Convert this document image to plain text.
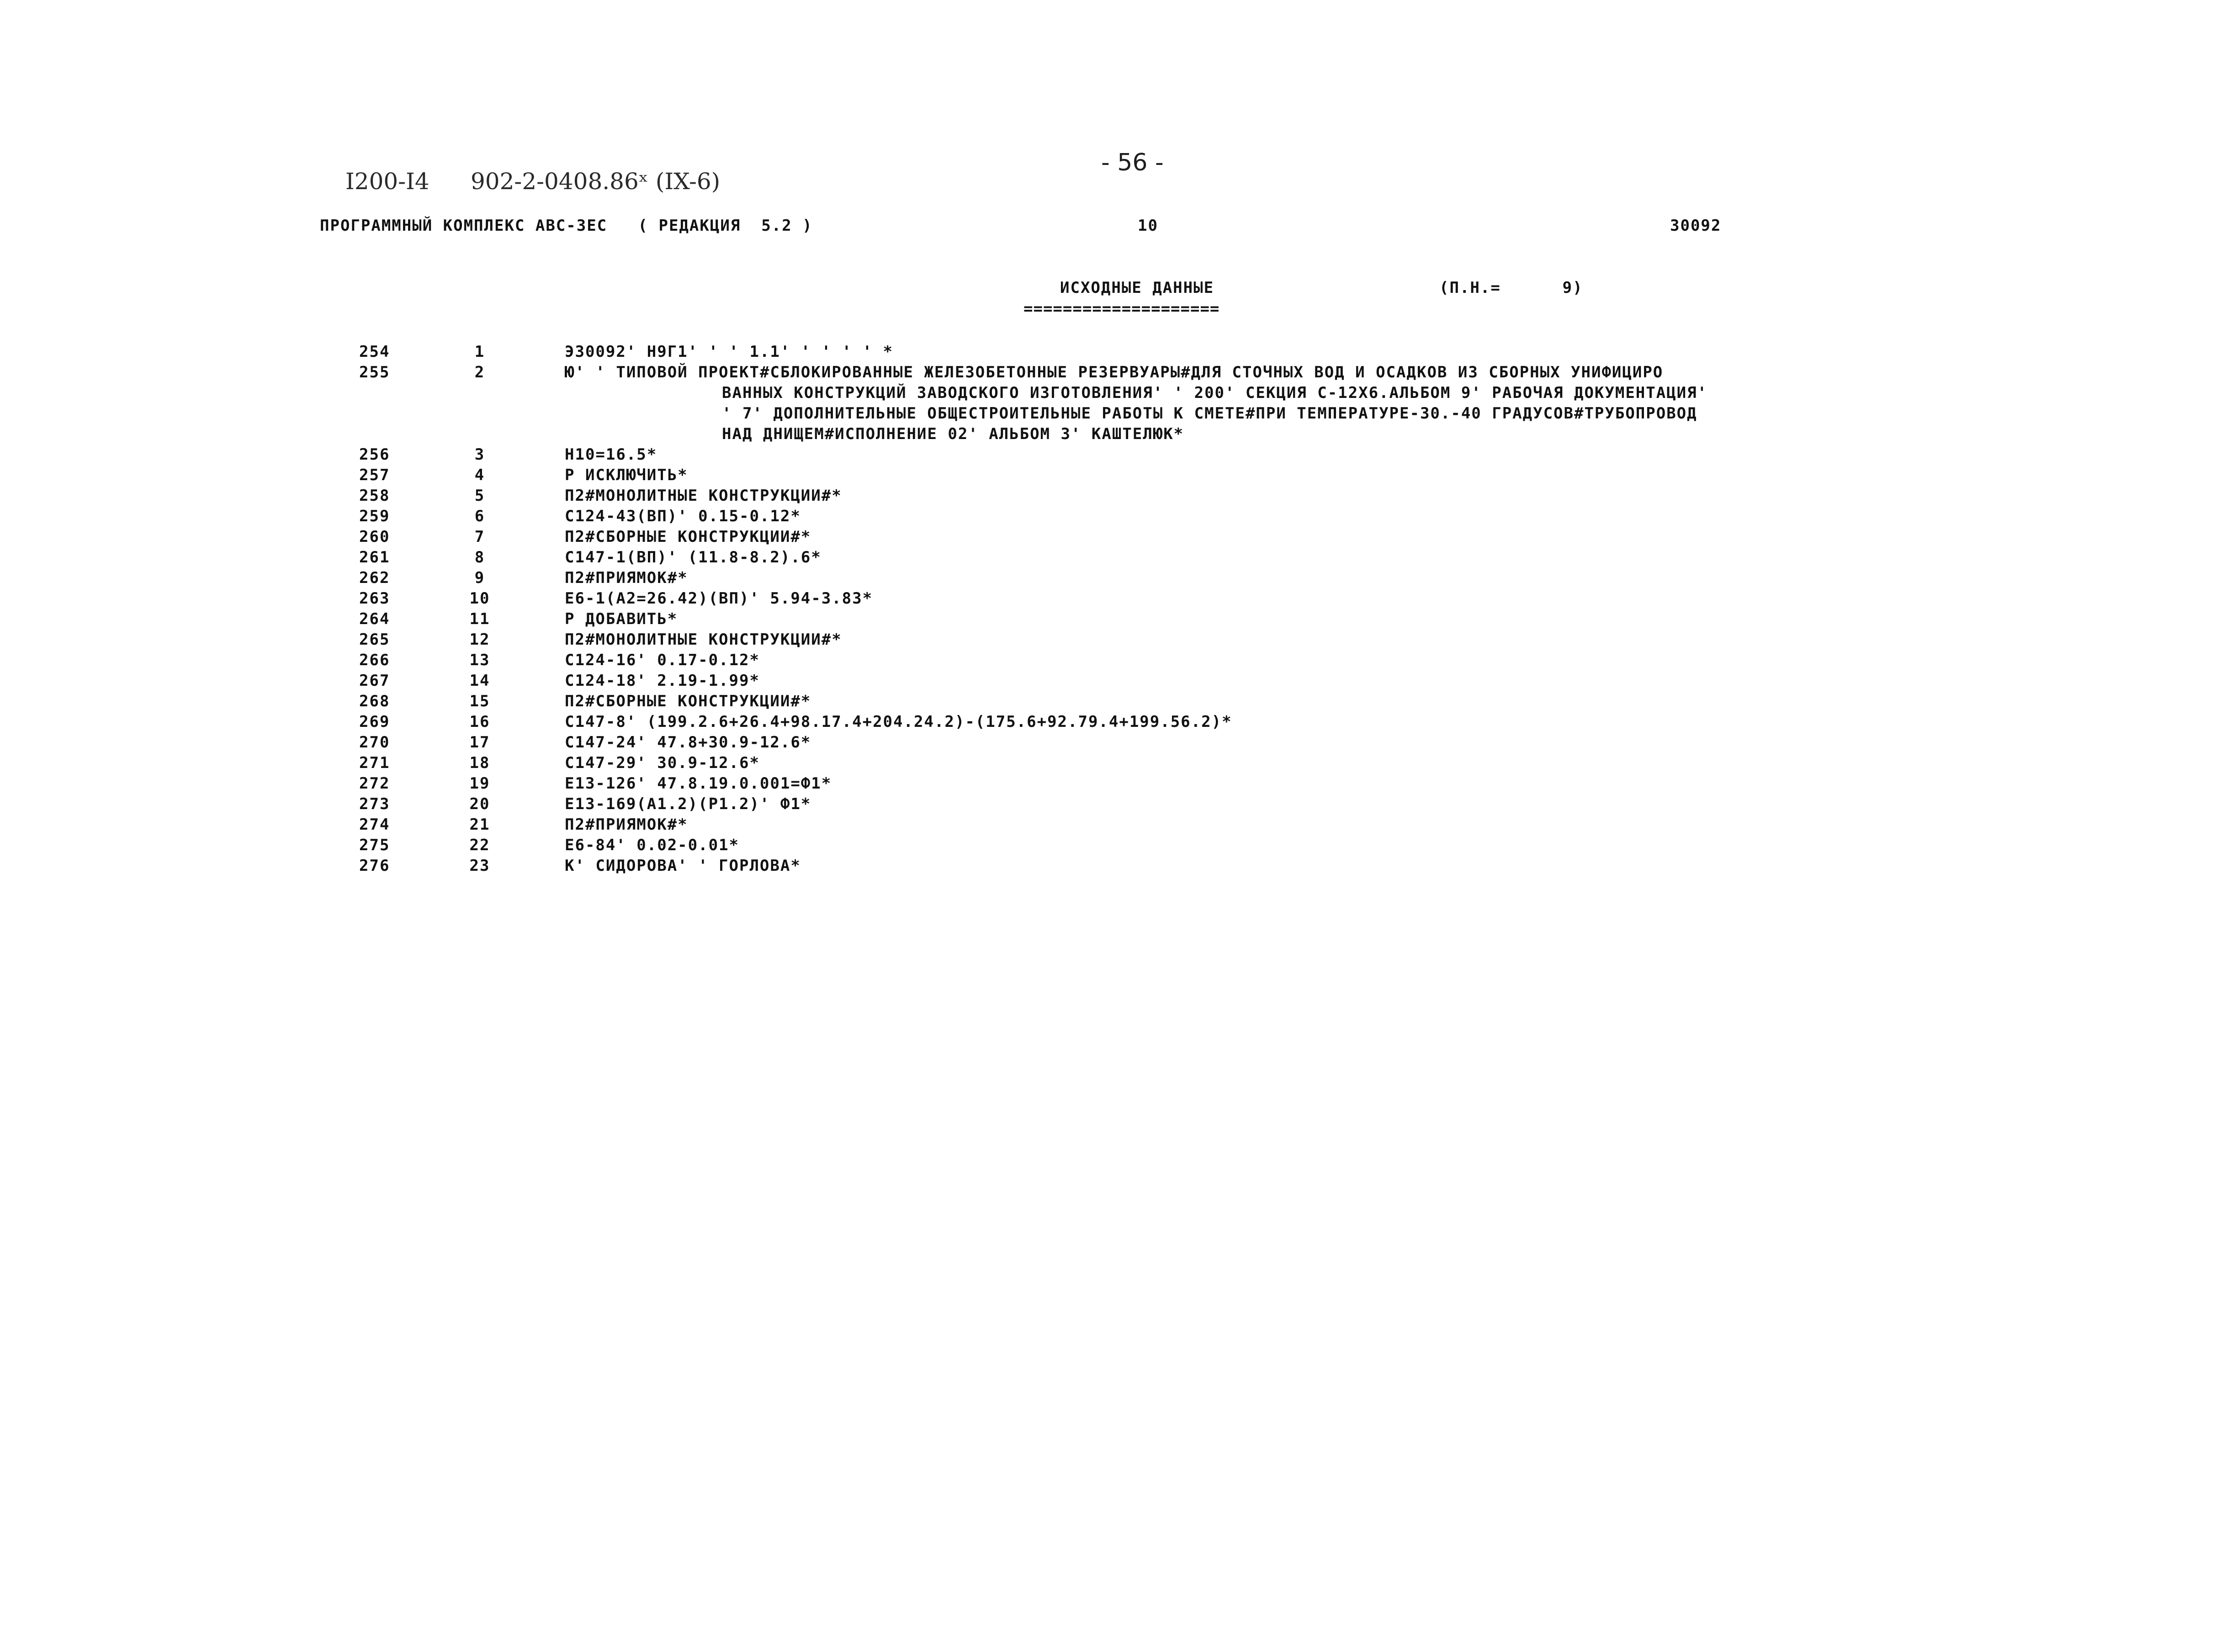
I200-I4 902-2-0408.86ˣ (IX-6)
- 56 -
ПРОГРАММНЫЙ КОМПЛЕКС АВС-3ЕС   ( РЕДАКЦИЯ  5.2 )	10	30092
ИСХОДНЫЕ ДАННЫЕ
====================
(П.Н.=      9)
254	1	Э30092' Н9Г1' ' ' 1.1' ' ' ' ' *
255	2	Ю' ' ТИПОВОЙ ПРОЕКТ#СБЛОКИРОВАННЫЕ ЖЕЛЕЗОБЕТОННЫЕ РЕЗЕРВУАРЫ#ДЛЯ СТОЧНЫХ ВОД И ОСАДКОВ ИЗ СБОРНЫХ УНИФИЦИРО
ВАННЫХ КОНСТРУКЦИЙ ЗАВОДСКОГО ИЗГОТОВЛЕНИЯ' ' 200' СЕКЦИЯ С-12Х6.АЛЬБОМ 9' РАБОЧАЯ ДОКУМЕНТАЦИЯ'
' 7' ДОПОЛНИТЕЛЬНЫЕ ОБЩЕСТРОИТЕЛЬНЫЕ РАБОТЫ К СМЕТЕ#ПРИ ТЕМПЕРАТУРЕ-30.-40 ГРАДУСОВ#ТРУБОПРОВОД
НАД ДНИЩЕМ#ИСПОЛНЕНИЕ 02' АЛЬБОМ 3' КАШТЕЛЮК*
256	3	Н10=16.5*
257	4	Р ИСКЛЮЧИТЬ*
258	5	П2#МОНОЛИТНЫЕ КОНСТРУКЦИИ#*
259	6	С124-43(ВП)' 0.15-0.12*
260	7	П2#СБОРНЫЕ КОНСТРУКЦИИ#*
261	8	С147-1(ВП)' (11.8-8.2).6*
262	9	П2#ПРИЯМОК#*
263	10	Е6-1(А2=26.42)(ВП)' 5.94-3.83*
264	11	Р ДОБАВИТЬ*
265	12	П2#МОНОЛИТНЫЕ КОНСТРУКЦИИ#*
266	13	С124-16' 0.17-0.12*
267	14	С124-18' 2.19-1.99*
268	15	П2#СБОРНЫЕ КОНСТРУКЦИИ#*
269	16	С147-8' (199.2.6+26.4+98.17.4+204.24.2)-(175.6+92.79.4+199.56.2)*
270	17	С147-24' 47.8+30.9-12.6*
271	18	С147-29' 30.9-12.6*
272	19	Е13-126' 47.8.19.0.001=Ф1*
273	20	Е13-169(А1.2)(Р1.2)' Ф1*
274	21	П2#ПРИЯМОК#*
275	22	Е6-84' 0.02-0.01*
276	23	К' СИДОРОВА' ' ГОРЛОВА*
